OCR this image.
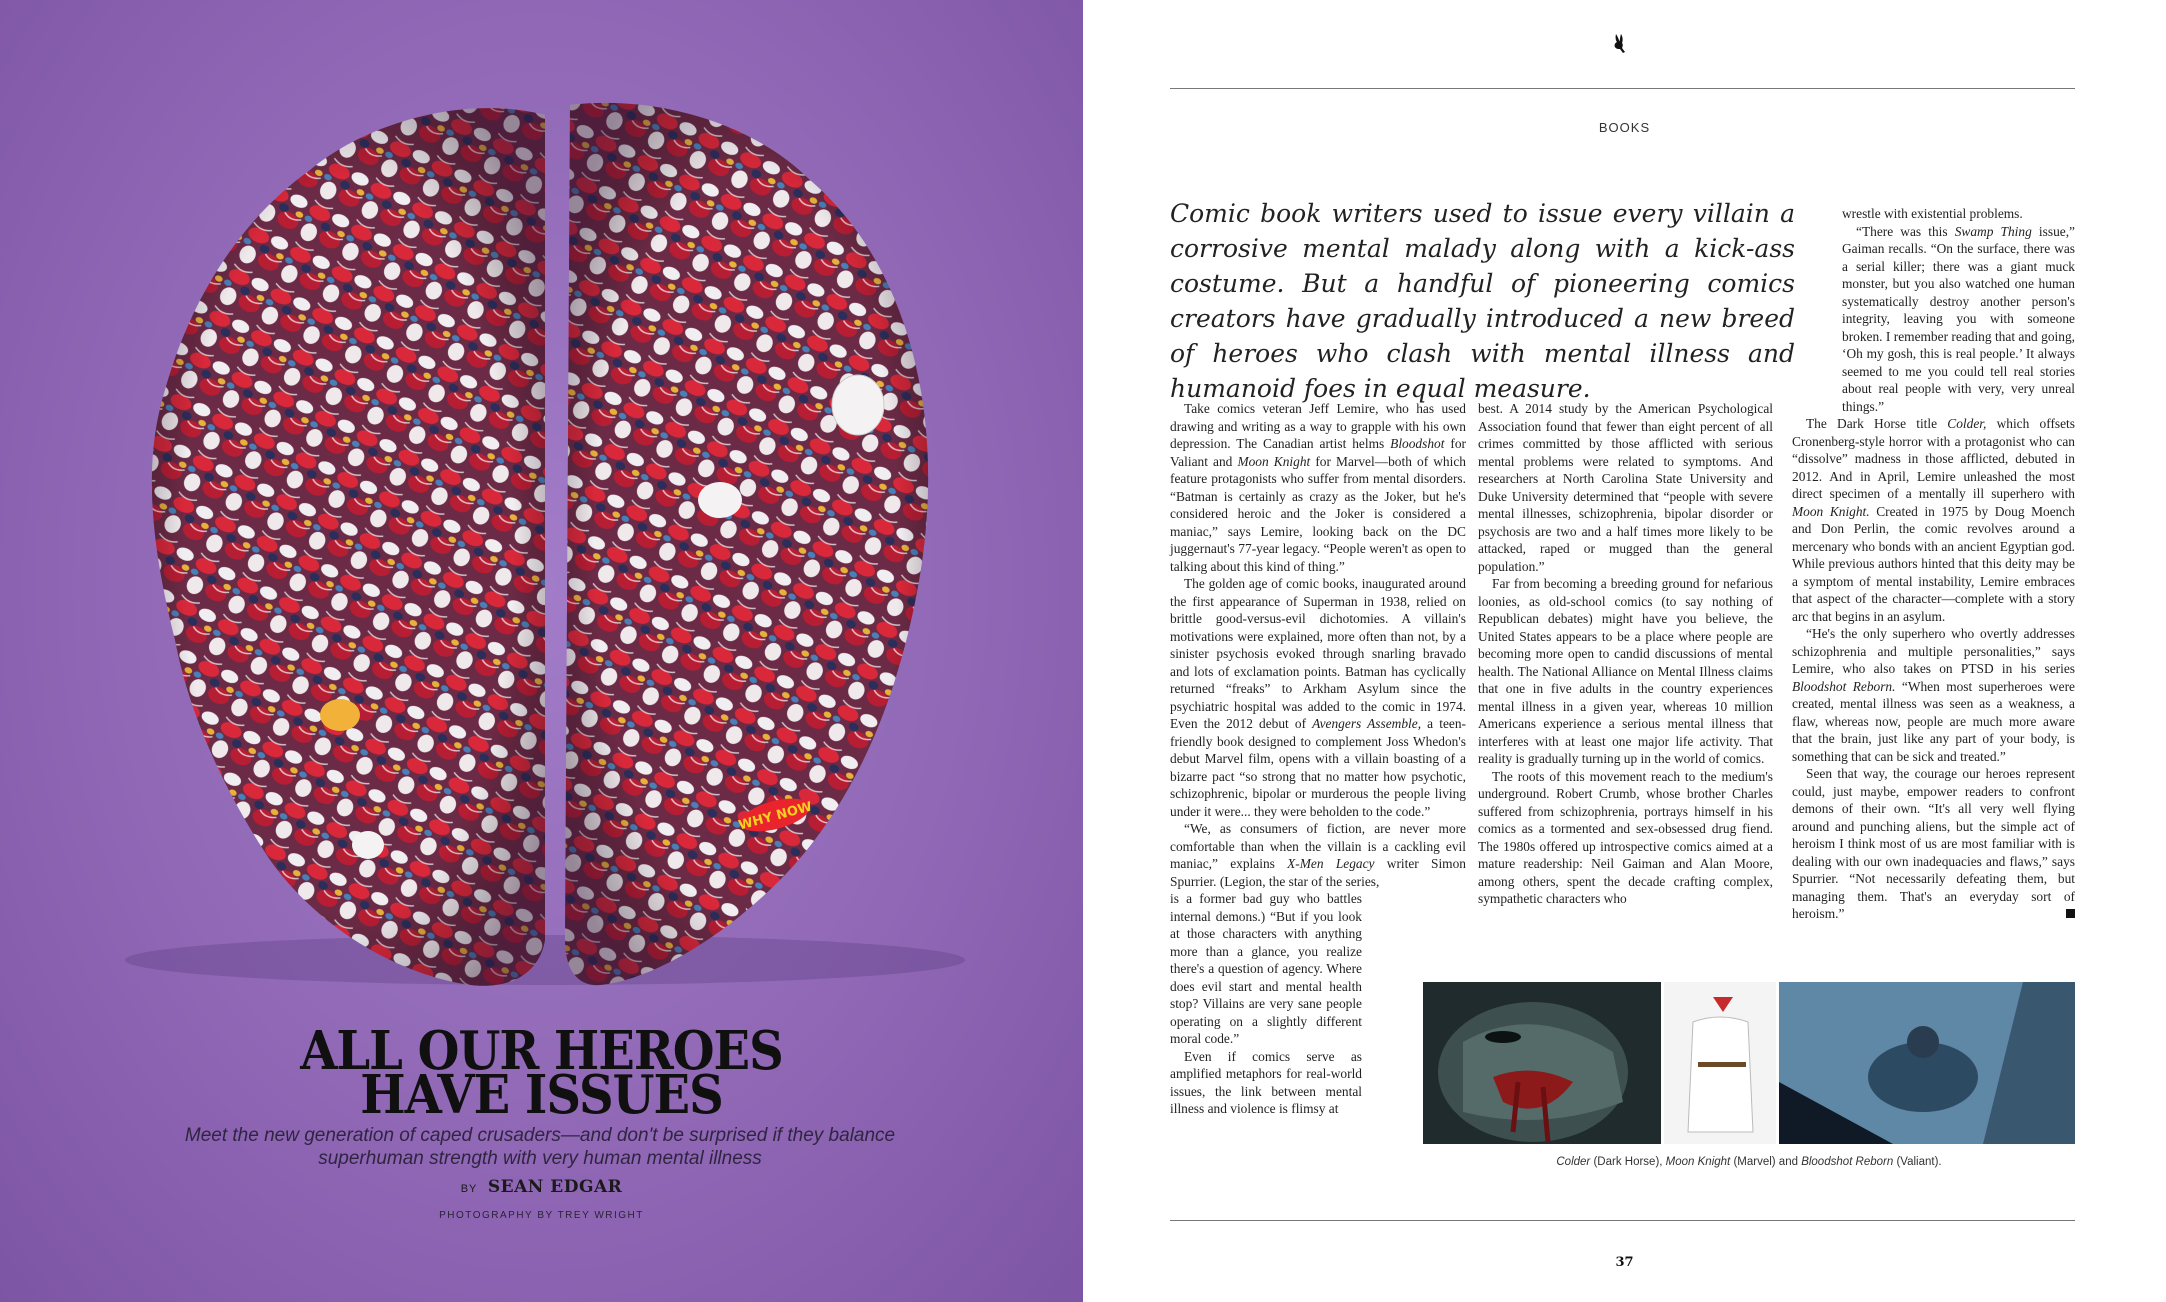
WHY NOW
ALL OUR HEROES
HAVE ISSUES
Meet the new generation of caped crusaders—and don't be surprised if they balance superhuman strength with very human mental illness
BY SEAN EDGAR
PHOTOGRAPHY BY TREY WRIGHT
BOOKS
Comic book writers used to issue every villain a corrosive mental malady along with a kick-ass costume. But a handful of pioneering comics creators have gradually introduced a new breed of heroes who clash with mental illness and humanoid foes in equal measure.

Take comics veteran Jeff Lemire, who has used drawing and writing as a way to grapple with his own depression. The Canadian artist helms Bloodshot for Valiant and Moon Knight for Marvel—both of which feature protagonists who suffer from mental disorders. “Batman is certainly as crazy as the Joker, but he's considered heroic and the Joker is considered a maniac,” says Lemire, looking back on the DC juggernaut's 77-year legacy. “People weren't as open to talking about this kind of thing.”

The golden age of comic books, inaugurated around the first appearance of Superman in 1938, relied on brittle good-versus-evil dichotomies. A villain's motivations were explained, more often than not, by a sinister psychosis evoked through snarling bravado and lots of exclamation points. Batman has cyclically returned “freaks” to Arkham Asylum since the psychiatric hospital was added to the comic in 1974. Even the 2012 debut of Avengers Assemble, a teen-friendly book designed to complement Joss Whedon's debut Marvel film, opens with a villain boasting of a bizarre pact “so strong that no matter how psychotic, schizophrenic, bipolar or murderous the people living under it were... they were beholden to the code.”

“We, as consumers of fiction, are never more comfortable than when the villain is a cackling evil maniac,” explains X-Men Legacy writer Simon Spurrier. (Legion, the star of the series,

is a former bad guy who battles internal demons.) “But if you look at those characters with anything more than a glance, you realize there's a question of agency. Where does evil start and mental health stop? Villains are very sane people operating on a slightly different moral code.”

Even if comics serve as amplified metaphors for real-world issues, the link between mental illness and violence is flimsy at

best. A 2014 study by the American Psychological Association found that fewer than eight percent of all crimes committed by those afflicted with serious mental problems were related to symptoms. And researchers at North Carolina State University and Duke University determined that “people with severe mental illnesses, schizophrenia, bipolar disorder or psychosis are two and a half times more likely to be attacked, raped or mugged than the general population.”

Far from becoming a breeding ground for nefarious loonies, as old-school comics (to say nothing of Republican debates) might have you believe, the United States appears to be a place where people are becoming more open to candid discussions of mental health. The National Alliance on Mental Illness claims that one in five adults in the country experiences mental illness in a given year, whereas 10 million Americans experience a serious mental illness that interferes with at least one major life activity. That reality is gradually turning up in the world of comics.

The roots of this movement reach to the medium's underground. Robert Crumb, whose brother Charles suffered from schizophrenia, portrays himself in his comics as a tormented and sex-obsessed drug fiend. The 1980s offered up introspective comics aimed at a mature readership: Neil Gaiman and Alan Moore, among others, spent the decade crafting complex, sympathetic characters who

wrestle with existential problems.

“There was this Swamp Thing issue,” Gaiman recalls. “On the surface, there was a serial killer; there was a giant muck monster, but you also watched one human systematically destroy another person's integrity, leaving you with someone broken. I remember reading that and going, ‘Oh my gosh, this is real people.’ It always seemed to me you could tell real stories about real people with very, very unreal things.”

The Dark Horse title Colder, which offsets Cronenberg-style horror with a protagonist who can “dissolve” madness in those afflicted, debuted in 2012. And in April, Lemire unleashed the most direct specimen of a mentally ill superhero with Moon Knight. Created in 1975 by Doug Moench and Don Perlin, the comic revolves around a mercenary who bonds with an ancient Egyptian god. While previous authors hinted that this deity may be a symptom of mental instability, Lemire embraces that aspect of the character—complete with a story arc that begins in an asylum.

“He's the only superhero who overtly addresses schizophrenia and multiple personalities,” says Lemire, who also takes on PTSD in his series Bloodshot Reborn. “When most superheroes were created, mental illness was seen as a weakness, a flaw, whereas now, people are much more aware that the brain, just like any part of your body, is something that can be sick and treated.”

Seen that way, the courage our heroes represent could, just maybe, empower readers to confront demons of their own. “It's all very well flying around and punching aliens, but the simple act of heroism I think most of us are most familiar with is dealing with our own inadequacies and flaws,” says Spurrier. “Not necessarily defeating them, but managing them. That's an everyday sort of heroism.”

Colder (Dark Horse), Moon Knight (Marvel) and Bloodshot Reborn (Valiant).
37
